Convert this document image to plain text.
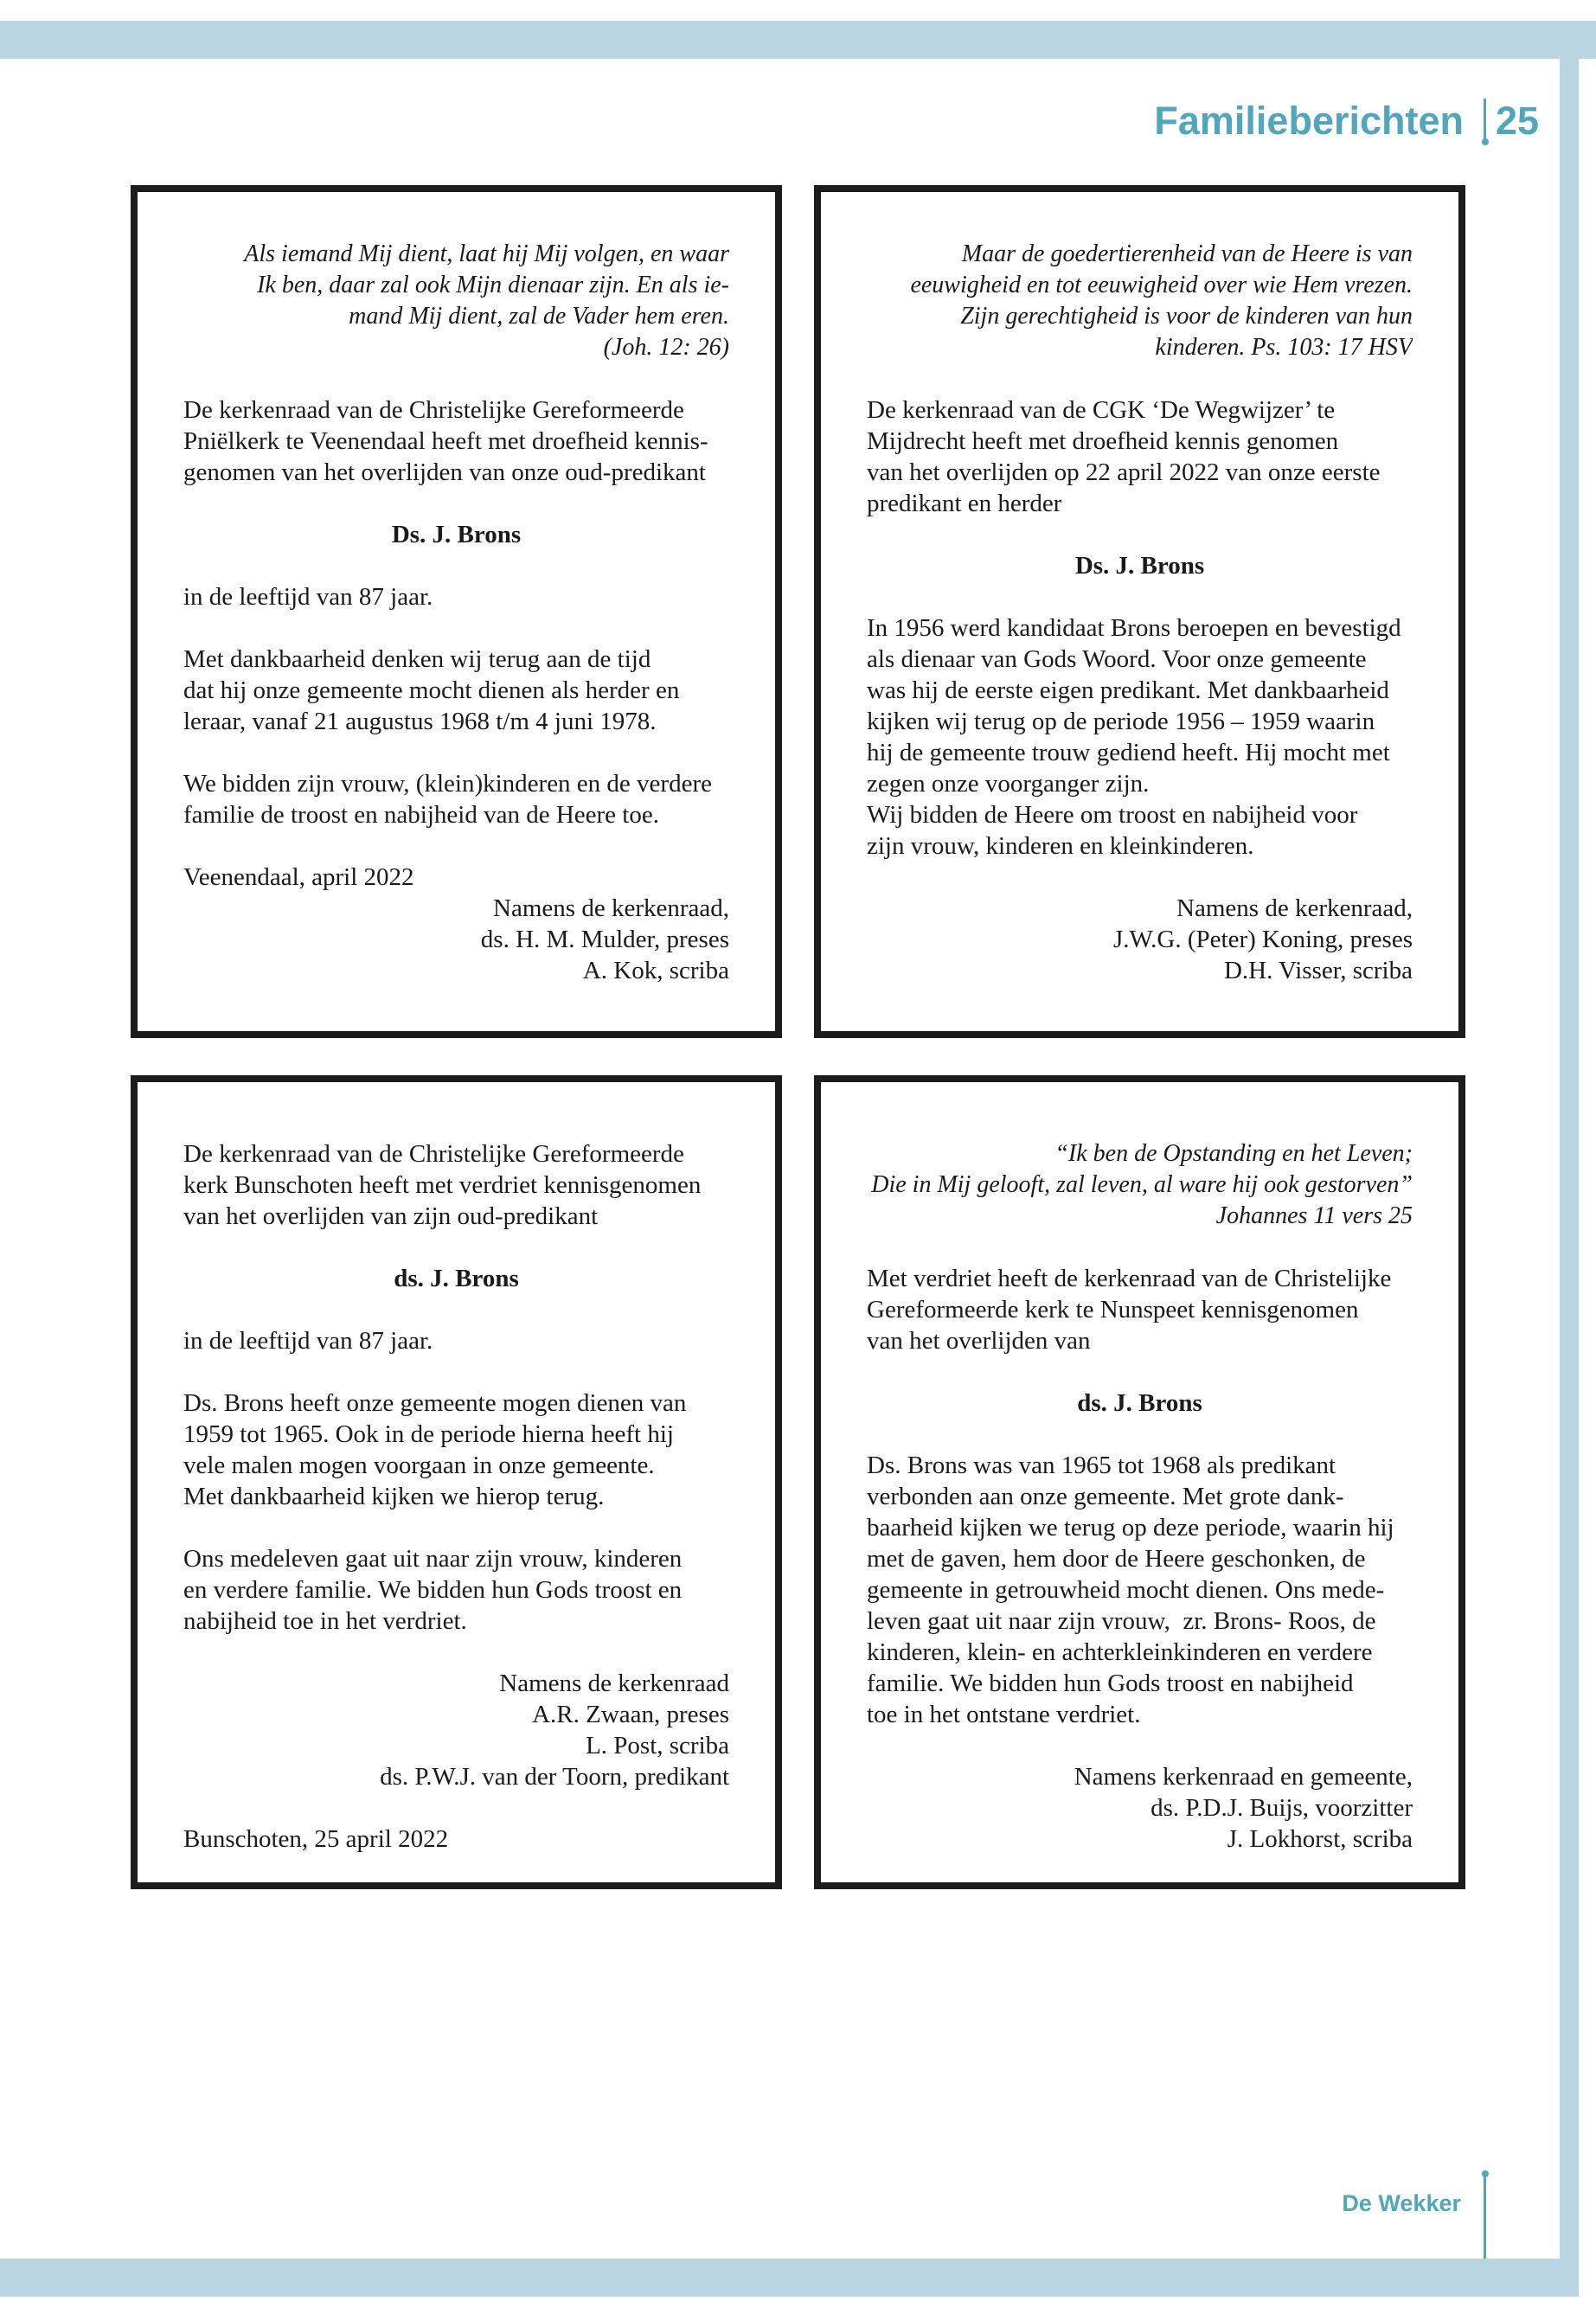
Familieberichten 25
Als iemand Mij dient, laat hij Mij volgen, en waar
Ik ben, daar zal ook Mijn dienaar zijn. En als ie-
mand Mij dient, zal de Vader hem eren.
(Joh. 12: 26)
De kerkenraad van de Christelijke Gereformeerde
Pniëlkerk te Veenendaal heeft met droefheid kennis-
genomen van het overlijden van onze oud-predikant
Ds. J. Brons
in de leeftijd van 87 jaar.
Met dankbaarheid denken wij terug aan de tijd
dat hij onze gemeente mocht dienen als herder en
leraar, vanaf 21 augustus 1968 t/m 4 juni 1978.
We bidden zijn vrouw, (klein)kinderen en de verdere
familie de troost en nabijheid van de Heere toe.
Veenendaal, april 2022
Namens de kerkenraad,
ds. H. M. Mulder, preses
A. Kok, scriba
Maar de goedertierenheid van de Heere is van
eeuwigheid en tot eeuwigheid over wie Hem vrezen.
Zijn gerechtigheid is voor de kinderen van hun
kinderen. Ps. 103: 17 HSV
De kerkenraad van de CGK ‘De Wegwijzer’ te
Mijdrecht heeft met droefheid kennis genomen
van het overlijden op 22 april 2022 van onze eerste
predikant en herder
Ds. J. Brons
In 1956 werd kandidaat Brons beroepen en bevestigd
als dienaar van Gods Woord. Voor onze gemeente
was hij de eerste eigen predikant. Met dankbaarheid
kijken wij terug op de periode 1956 – 1959 waarin
hij de gemeente trouw gediend heeft. Hij mocht met
zegen onze voorganger zijn.
Wij bidden de Heere om troost en nabijheid voor
zijn vrouw, kinderen en kleinkinderen.
Namens de kerkenraad,
J.W.G. (Peter) Koning, preses
D.H. Visser, scriba
De kerkenraad van de Christelijke Gereformeerde
kerk Bunschoten heeft met verdriet kennisgenomen
van het overlijden van zijn oud-predikant
ds. J. Brons
in de leeftijd van 87 jaar.
Ds. Brons heeft onze gemeente mogen dienen van
1959 tot 1965. Ook in de periode hierna heeft hij
vele malen mogen voorgaan in onze gemeente.
Met dankbaarheid kijken we hierop terug.
Ons medeleven gaat uit naar zijn vrouw, kinderen
en verdere familie. We bidden hun Gods troost en
nabijheid toe in het verdriet.
Namens de kerkenraad
A.R. Zwaan, preses
L. Post, scriba
ds. P.W.J. van der Toorn, predikant
Bunschoten, 25 april 2022
“Ik ben de Opstanding en het Leven;
Die in Mij gelooft, zal leven, al ware hij ook gestorven”
Johannes 11 vers 25
Met verdriet heeft de kerkenraad van de Christelijke
Gereformeerde kerk te Nunspeet kennisgenomen
van het overlijden van
ds. J. Brons
Ds. Brons was van 1965 tot 1968 als predikant
verbonden aan onze gemeente. Met grote dank-
baarheid kijken we terug op deze periode, waarin hij
met de gaven, hem door de Heere geschonken, de
gemeente in getrouwheid mocht dienen. Ons mede-
leven gaat uit naar zijn vrouw,  zr. Brons- Roos, de
kinderen, klein- en achterkleinkinderen en verdere
familie. We bidden hun Gods troost en nabijheid
toe in het ontstane verdriet.
Namens kerkenraad en gemeente,
ds. P.D.J. Buijs, voorzitter
J. Lokhorst, scriba
De Wekker
